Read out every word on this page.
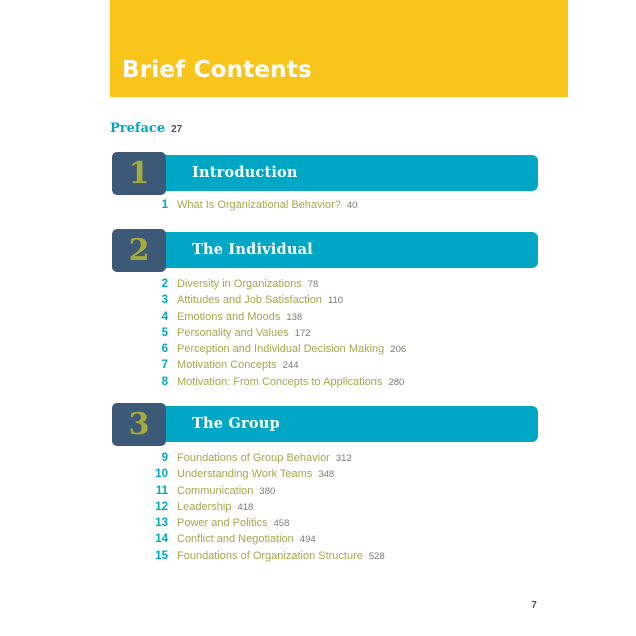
Brief Contents
Preface 27
1	Introduction
1 What Is Organizational Behavior? 40
2	The Individual
2 Diversity in Organizations 78
3 Attitudes and Job Satisfaction 110
4 Emotions and Moods 138
5 Personality and Values 172
6 Perception and Individual Decision Making 206
7 Motivation Concepts 244
8 Motivation: From Concepts to Applications 280
3	The Group
9 Foundations of Group Behavior 312
10 Understanding Work Teams 348
11 Communication 380
12 Leadership 418
13 Power and Politics 458
14 Conflict and Negotiation 494
15 Foundations of Organization Structure 528
7
